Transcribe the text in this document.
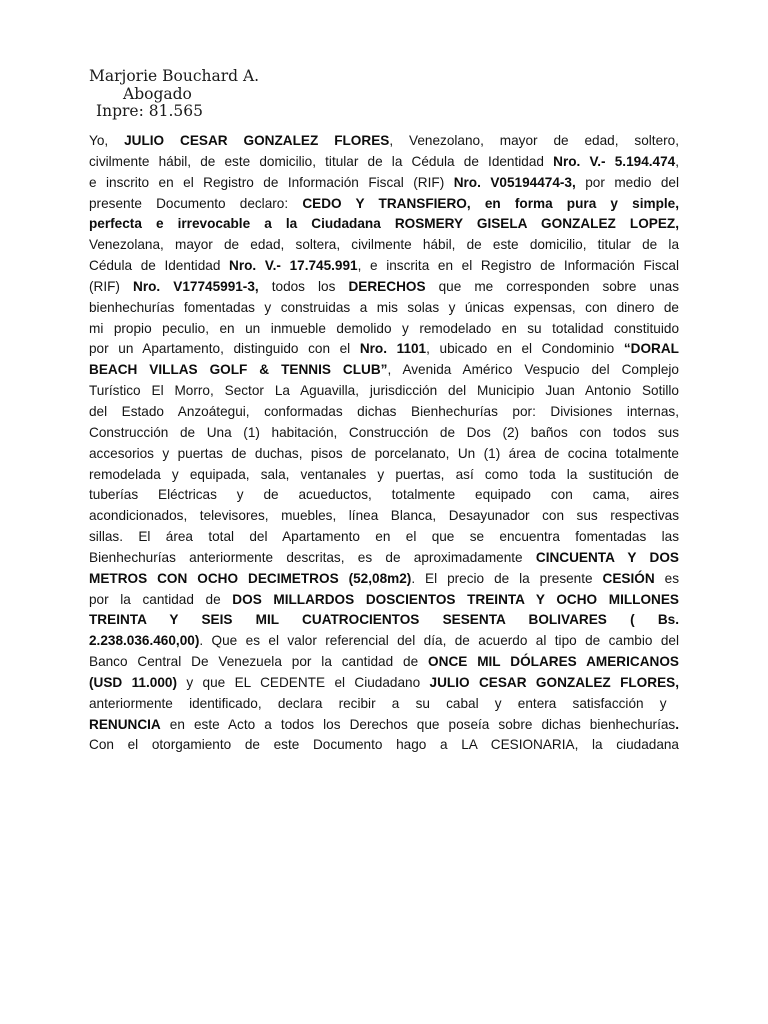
Marjorie Bouchard A.
Abogado
Inpre: 81.565
Yo, JULIO CESAR GONZALEZ FLORES, Venezolano, mayor de edad, soltero,
civilmente hábil, de este domicilio, titular de la Cédula de Identidad Nro. V.- 5.194.474,
e inscrito en el Registro de Información Fiscal (RIF) Nro. V05194474-3, por medio del
presente Documento declaro: CEDO Y TRANSFIERO, en forma pura y simple,
perfecta e irrevocable a la Ciudadana ROSMERY GISELA GONZALEZ LOPEZ,
Venezolana, mayor de edad, soltera, civilmente hábil, de este domicilio, titular de la
Cédula de Identidad Nro. V.- 17.745.991, e inscrita en el Registro de Información Fiscal
(RIF) Nro. V17745991-3, todos los DERECHOS que me corresponden sobre unas
bienhechurías fomentadas y construidas a mis solas y únicas expensas, con dinero de
mi propio peculio, en un inmueble demolido y remodelado en su totalidad constituido
por un Apartamento, distinguido con el Nro. 1101, ubicado en el Condominio “DORAL
BEACH VILLAS GOLF & TENNIS CLUB”, Avenida Américo Vespucio del Complejo
Turístico El Morro, Sector La Aguavilla, jurisdicción del Municipio Juan Antonio Sotillo
del Estado Anzoátegui, conformadas dichas Bienhechurías por: Divisiones internas,
Construcción de Una (1) habitación, Construcción de Dos (2) baños con todos sus
accesorios y puertas de duchas, pisos de porcelanato, Un (1) área de cocina totalmente
remodelada y equipada, sala, ventanales y puertas, así como toda la sustitución de
tuberías Eléctricas y de acueductos, totalmente equipado con cama, aires
acondicionados, televisores, muebles, línea Blanca, Desayunador con sus respectivas
sillas. El área total del Apartamento en el que se encuentra fomentadas las
Bienhechurías anteriormente descritas, es de aproximadamente CINCUENTA Y DOS
METROS CON OCHO DECIMETROS (52,08m2). El precio de la presente CESIÓN es
por la cantidad de DOS MILLARDOS DOSCIENTOS TREINTA Y OCHO MILLONES
TREINTA Y SEIS MIL CUATROCIENTOS SESENTA BOLIVARES ( Bs.
2.238.036.460,00). Que es el valor referencial del día, de acuerdo al tipo de cambio del
Banco Central De Venezuela por la cantidad de ONCE MIL DÓLARES AMERICANOS
(USD 11.000) y que EL CEDENTE el Ciudadano JULIO CESAR GONZALEZ FLORES,
anteriormente identificado, declara recibir a su cabal y entera satisfacción y
RENUNCIA en este Acto a todos los Derechos que poseía sobre dichas bienhechurías.
Con el otorgamiento de este Documento hago a LA CESIONARIA, la ciudadana
